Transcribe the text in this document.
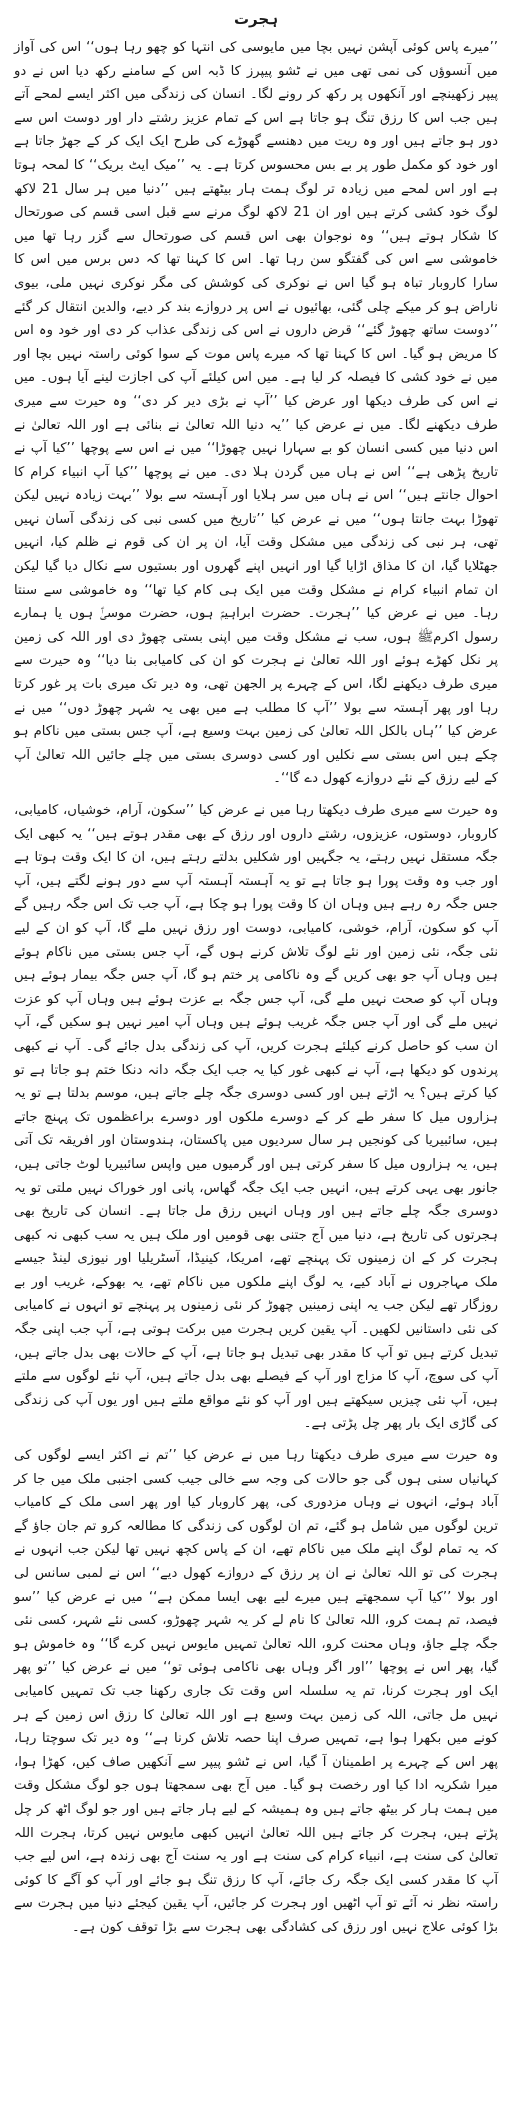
ہجرت

’’میرے پاس کوئی آپشن نہیں بچا میں مایوسی کی انتہا کو چھو رہا ہوں‘‘ اس کی آواز میں آنسوؤں کی نمی تھی میں نے ٹشو پیپرز کا ڈبہ اس کے سامنے رکھ دیا اس نے دو پیپر زکھینچے اور آنکھوں پر رکھ کر رونے لگا۔ انسان کی زندگی میں اکثر ایسے لمحے آتے ہیں جب اس کا رزق تنگ ہو جاتا ہے اس کے تمام عزیز رشتے دار اور دوست اس سے دور ہو جاتے ہیں اور وہ ریت میں دھنسے گھوڑے کی طرح ایک ایک کر کے جھڑ جاتا ہے اور خود کو مکمل طور پر بے بس محسوس کرتا ہے۔ یہ ’’میک ایٹ بریک‘‘ کا لمحہ ہوتا ہے اور اس لمحے میں زیادہ تر لوگ ہمت ہار بیٹھتے ہیں ’’دنیا میں ہر سال 21 لاکھ لوگ خود کشی کرتے ہیں اور ان 21 لاکھ لوگ مرنے سے قبل اسی قسم کی صورتحال کا شکار ہوتے ہیں‘‘ وہ نوجوان بھی اس قسم کی صورتحال سے گزر رہا تھا میں خاموشی سے اس کی گفتگو سن رہا تھا۔ اس کا کہنا تھا کہ دس برس میں اس کا سارا کاروبار تباہ ہو گیا اس نے نوکری کی کوشش کی مگر نوکری نہیں ملی، بیوی ناراض ہو کر میکے چلی گئی، بھائیوں نے اس پر دروازے بند کر دیے، والدین انتقال کر گئے ’’دوست ساتھ چھوڑ گئے‘‘ قرض داروں نے اس کی زندگی عذاب کر دی اور خود وہ اس کا مریض ہو گیا۔ اس کا کہنا تھا کہ میرے پاس موت کے سوا کوئی راستہ نہیں بچا اور میں نے خود کشی کا فیصلہ کر لیا ہے۔ میں اس کیلئے آپ کی اجازت لینے آیا ہوں۔ میں نے اس کی طرف دیکھا اور عرض کیا ’’آپ نے بڑی دیر کر دی‘‘ وہ حیرت سے میری طرف دیکھنے لگا۔ میں نے عرض کیا ’’یہ دنیا اللہ تعالیٰ نے بنائی ہے اور اللہ تعالیٰ نے اس دنیا میں کسی انسان کو بے سہارا نہیں چھوڑا‘‘ میں نے اس سے پوچھا ’’کیا آپ نے تاریخ پڑھی ہے‘‘ اس نے ہاں میں گردن ہلا دی۔ میں نے پوچھا ’’کیا آپ انبیاء کرام کا احوال جانتے ہیں‘‘ اس نے ہاں میں سر ہلایا اور آہستہ سے بولا ’’بہت زیادہ نہیں لیکن تھوڑا بہت جانتا ہوں‘‘ میں نے عرض کیا ’’تاریخ میں کسی نبی کی زندگی آسان نہیں تھی، ہر نبی کی زندگی میں مشکل وقت آیا، ان پر ان کی قوم نے ظلم کیا، انہیں جھٹلایا گیا، ان کا مذاق اڑایا گیا اور انہیں اپنے گھروں اور بستیوں سے نکال دیا گیا لیکن ان تمام انبیاء کرام نے مشکل وقت میں ایک ہی کام کیا تھا‘‘ وہ خاموشی سے سنتا رہا۔ میں نے عرض کیا ’’ہجرت۔ حضرت ابراہیمؑ ہوں، حضرت موسیٰؑ ہوں یا ہمارے رسول اکرمﷺ ہوں، سب نے مشکل وقت میں اپنی بستی چھوڑ دی اور اللہ کی زمین پر نکل کھڑے ہوئے اور اللہ تعالیٰ نے ہجرت کو ان کی کامیابی بنا دیا‘‘ وہ حیرت سے میری طرف دیکھنے لگا، اس کے چہرے پر الجھن تھی، وہ دیر تک میری بات پر غور کرتا رہا اور پھر آہستہ سے بولا ’’آپ کا مطلب ہے میں بھی یہ شہر چھوڑ دوں‘‘ میں نے عرض کیا ’’ہاں بالکل اللہ تعالیٰ کی زمین بہت وسیع ہے، آپ جس بستی میں ناکام ہو چکے ہیں اس بستی سے نکلیں اور کسی دوسری بستی میں چلے جائیں اللہ تعالیٰ آپ کے لیے رزق کے نئے دروازے کھول دے گا‘‘۔

وہ حیرت سے میری طرف دیکھتا رہا میں نے عرض کیا ’’سکون، آرام، خوشیاں، کامیابی، کاروبار، دوستوں، عزیزوں، رشتے داروں اور رزق کے بھی مقدر ہوتے ہیں‘‘ یہ کبھی ایک جگہ مستقل نہیں رہتے، یہ جگہیں اور شکلیں بدلتے رہتے ہیں، ان کا ایک وقت ہوتا ہے اور جب وہ وقت پورا ہو جاتا ہے تو یہ آہستہ آہستہ آپ سے دور ہونے لگتے ہیں، آپ جس جگہ رہ رہے ہیں وہاں ان کا وقت پورا ہو چکا ہے، آپ جب تک اس جگہ رہیں گے آپ کو سکون، آرام، خوشی، کامیابی، دوست اور رزق نہیں ملے گا، آپ کو ان کے لیے نئی جگہ، نئی زمین اور نئے لوگ تلاش کرنے ہوں گے، آپ جس بستی میں ناکام ہوئے ہیں وہاں آپ جو بھی کریں گے وہ ناکامی پر ختم ہو گا، آپ جس جگہ بیمار ہوئے ہیں وہاں آپ کو صحت نہیں ملے گی، آپ جس جگہ بے عزت ہوئے ہیں وہاں آپ کو عزت نہیں ملے گی اور آپ جس جگہ غریب ہوئے ہیں وہاں آپ امیر نہیں ہو سکیں گے، آپ ان سب کو حاصل کرنے کیلئے ہجرت کریں، آپ کی زندگی بدل جائے گی۔ آپ نے کبھی پرندوں کو دیکھا ہے، آپ نے کبھی غور کیا یہ جب ایک جگہ دانہ دنکا ختم ہو جاتا ہے تو کیا کرتے ہیں؟ یہ اڑتے ہیں اور کسی دوسری جگہ چلے جاتے ہیں، موسم بدلتا ہے تو یہ ہزاروں میل کا سفر طے کر کے دوسرے ملکوں اور دوسرے براعظموں تک پہنچ جاتے ہیں، سائبیریا کی کونجیں ہر سال سردیوں میں پاکستان، ہندوستان اور افریقہ تک آتی ہیں، یہ ہزاروں میل کا سفر کرتی ہیں اور گرمیوں میں واپس سائبیریا لوٹ جاتی ہیں، جانور بھی یہی کرتے ہیں، انہیں جب ایک جگہ گھاس، پانی اور خوراک نہیں ملتی تو یہ دوسری جگہ چلے جاتے ہیں اور وہاں انہیں رزق مل جاتا ہے۔ انسان کی تاریخ بھی ہجرتوں کی تاریخ ہے، دنیا میں آج جتنی بھی قومیں اور ملک ہیں یہ سب کبھی نہ کبھی ہجرت کر کے ان زمینوں تک پہنچے تھے، امریکا، کینیڈا، آسٹریلیا اور نیوزی لینڈ جیسے ملک مہاجروں نے آباد کیے، یہ لوگ اپنے ملکوں میں ناکام تھے، یہ بھوکے، غریب اور بے روزگار تھے لیکن جب یہ اپنی زمینیں چھوڑ کر نئی زمینوں پر پہنچے تو انہوں نے کامیابی کی نئی داستانیں لکھیں۔ آپ یقین کریں ہجرت میں برکت ہوتی ہے، آپ جب اپنی جگہ تبدیل کرتے ہیں تو آپ کا مقدر بھی تبدیل ہو جاتا ہے، آپ کے حالات بھی بدل جاتے ہیں، آپ کی سوچ، آپ کا مزاج اور آپ کے فیصلے بھی بدل جاتے ہیں، آپ نئے لوگوں سے ملتے ہیں، آپ نئی چیزیں سیکھتے ہیں اور آپ کو نئے مواقع ملتے ہیں اور یوں آپ کی زندگی کی گاڑی ایک بار پھر چل پڑتی ہے۔

وہ حیرت سے میری طرف دیکھتا رہا میں نے عرض کیا ’’تم نے اکثر ایسے لوگوں کی کہانیاں سنی ہوں گی جو حالات کی وجہ سے خالی جیب کسی اجنبی ملک میں جا کر آباد ہوئے، انہوں نے وہاں مزدوری کی، پھر کاروبار کیا اور پھر اسی ملک کے کامیاب ترین لوگوں میں شامل ہو گئے، تم ان لوگوں کی زندگی کا مطالعہ کرو تم جان جاؤ گے کہ یہ تمام لوگ اپنے ملک میں ناکام تھے، ان کے پاس کچھ نہیں تھا لیکن جب انہوں نے ہجرت کی تو اللہ تعالیٰ نے ان پر رزق کے دروازے کھول دیے‘‘ اس نے لمبی سانس لی اور بولا ’’کیا آپ سمجھتے ہیں میرے لیے بھی ایسا ممکن ہے‘‘ میں نے عرض کیا ’’سو فیصد، تم ہمت کرو، اللہ تعالیٰ کا نام لے کر یہ شہر چھوڑو، کسی نئے شہر، کسی نئی جگہ چلے جاؤ، وہاں محنت کرو، اللہ تعالیٰ تمہیں مایوس نہیں کرے گا‘‘ وہ خاموش ہو گیا، پھر اس نے پوچھا ’’اور اگر وہاں بھی ناکامی ہوئی تو‘‘ میں نے عرض کیا ’’تو پھر ایک اور ہجرت کرنا، تم یہ سلسلہ اس وقت تک جاری رکھنا جب تک تمہیں کامیابی نہیں مل جاتی، اللہ کی زمین بہت وسیع ہے اور اللہ تعالیٰ کا رزق اس زمین کے ہر کونے میں بکھرا ہوا ہے، تمہیں صرف اپنا حصہ تلاش کرنا ہے‘‘ وہ دیر تک سوچتا رہا، پھر اس کے چہرے پر اطمینان آ گیا، اس نے ٹشو پیپر سے آنکھیں صاف کیں، کھڑا ہوا، میرا شکریہ ادا کیا اور رخصت ہو گیا۔ میں آج بھی سمجھتا ہوں جو لوگ مشکل وقت میں ہمت ہار کر بیٹھ جاتے ہیں وہ ہمیشہ کے لیے ہار جاتے ہیں اور جو لوگ اٹھ کر چل پڑتے ہیں، ہجرت کر جاتے ہیں اللہ تعالیٰ انہیں کبھی مایوس نہیں کرتا، ہجرت اللہ تعالیٰ کی سنت ہے، انبیاء کرام کی سنت ہے اور یہ سنت آج بھی زندہ ہے، اس لیے جب آپ کا مقدر کسی ایک جگہ رک جائے، آپ کا رزق تنگ ہو جائے اور آپ کو آگے کا کوئی راستہ نظر نہ آئے تو آپ اٹھیں اور ہجرت کر جائیں، آپ یقین کیجئے دنیا میں ہجرت سے بڑا کوئی علاج نہیں اور رزق کی کشادگی بھی ہجرت سے بڑا توقف کون ہے۔
